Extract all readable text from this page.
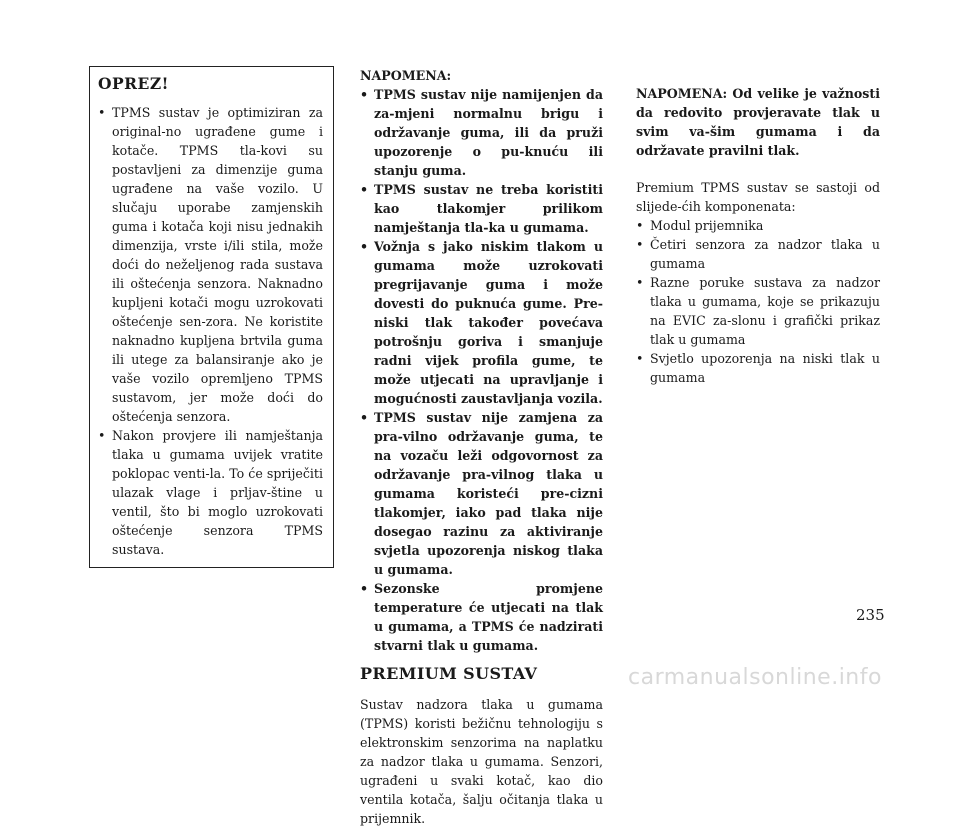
OPREZ!
• TPMS sustav je optimiziran za original-no ugrađene gume i kotače. TPMS tla-kovi su postavljeni za dimenzije guma ugrađene na vaše vozilo. U slučaju uporabe zamjenskih guma i kotača koji nisu jednakih dimenzija, vrste i/ili stila, može doći do neželjenog rada sustava ili oštećenja senzora. Naknadno kupljeni kotači mogu uzrokovati oštećenje sen-zora. Ne koristite naknadno kupljena brtvila guma ili utege za balansiranje ako je vaše vozilo opremljeno TPMS sustavom, jer može doći do oštećenja senzora.
• Nakon provjere ili namještanja tlaka u gumama uvijek vratite poklopac venti-la. To će spriječiti ulazak vlage i prljav-štine u ventil, što bi moglo uzrokovati oštećenje senzora TPMS sustava.

NAPOMENA:

• TPMS sustav nije namijenjen da za-mjeni normalnu brigu i održavanje guma, ili da pruži upozorenje o pu-knuću ili stanju guma.
• TPMS sustav ne treba koristiti kao tlakomjer prilikom namještanja tla-ka u gumama.
• Vožnja s jako niskim tlakom u gumama može uzrokovati pregrijavanje guma i može dovesti do puknuća gume. Pre-niski tlak također povećava potrošnju goriva i smanjuje radni vijek profila gume, te može utjecati na upravljanje i mogućnosti zaustavljanja vozila.
• TPMS sustav nije zamjena za pra-vilno održavanje guma, te na vozaču leži odgovornost za održavanje pra-vilnog tlaka u gumama koristeći pre-cizni tlakomjer, iako pad tlaka nije dosegao razinu za aktiviranje svjetla upozorenja niskog tlaka u gumama.
• Sezonske promjene temperature će utjecati na tlak u gumama, a TPMS će nadzirati stvarni tlak u gumama.
PREMIUM SUSTAV

Sustav nadzora tlaka u gumama (TPMS) koristi bežičnu tehnologiju s elektronskim senzorima na naplatku za nadzor tlaka u gumama. Senzori, ugrađeni u svaki kotač, kao dio ventila kotača, šalju očitanja tlaka u prijemnik.

NAPOMENA: Od velike je važnosti da redovito provjeravate tlak u svim va-šim gumama i da održavate pravilni tlak.

Premium TPMS sustav se sastoji od slijede-ćih komponenata:

• Modul prijemnika
• Četiri senzora za nadzor tlaka u gumama
• Razne poruke sustava za nadzor tlaka u gumama, koje se prikazuju na EVIC za-slonu i grafički prikaz tlak u gumama
• Svjetlo upozorenja na niski tlak u gumama
235
carmanualsonline.info
